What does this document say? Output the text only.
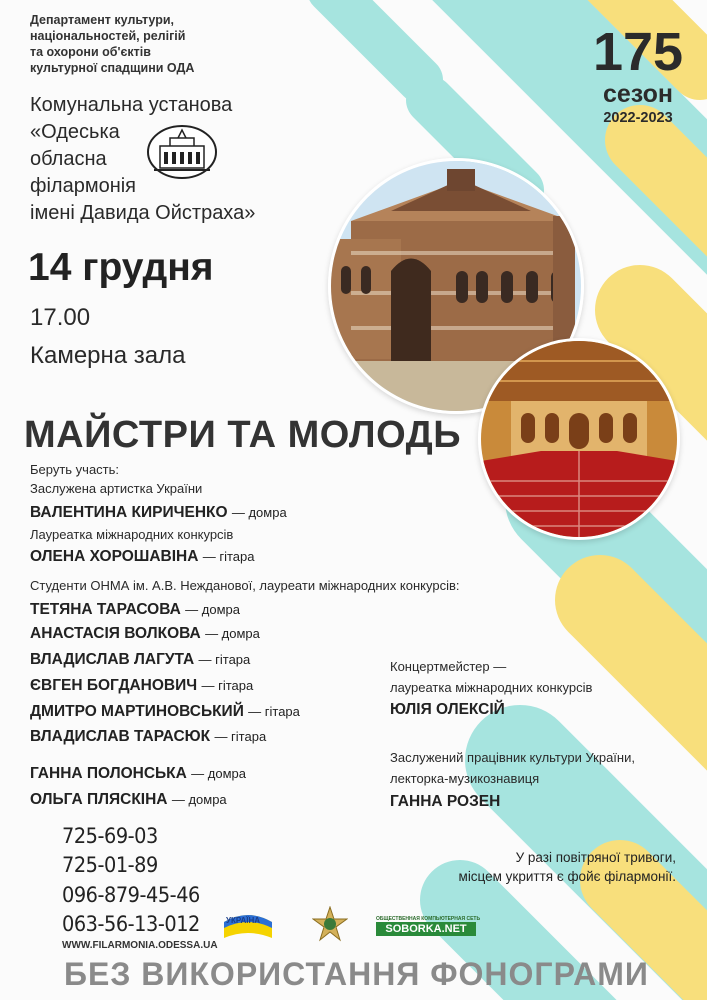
Департамент культури,
національностей, релігій
та охорони об'єктів
культурної спадщини ОДА
Комунальна установа
«Одеська
обласна
філармонія
імені Давида Ойстраха»
175
сезон
2022-2023
14 грудня
17.00
Камерна зала
МАЙСТРИ ТА МОЛОДЬ
Беруть участь:
Заслужена артистка України
ВАЛЕНТИНА КИРИЧЕНКО — домра
Лауреатка міжнародних конкурсів
ОЛЕНА ХОРОШАВІНА — гітара
Студенти ОНМА ім. А.В. Нежданової, лауреати міжнародних конкурсів:
ТЕТЯНА ТАРАСОВА — домра
АНАСТАСІЯ ВОЛКОВА — домра
ВЛАДИСЛАВ ЛАГУТА — гітара
ЄВГЕН БОГДАНОВИЧ — гітара
ДМИТРО МАРТИНОВСЬКИЙ — гітара
ВЛАДИСЛАВ ТАРАСЮК — гітара
ГАННА ПОЛОНСЬКА — домра
ОЛЬГА ПЛЯСКІНА — домра
Концертмейстер —
лауреатка міжнародних конкурсів
ЮЛІЯ ОЛЕКСІЙ
Заслужений працівник культури України,
лекторка-музикознавиця
ГАННА РОЗЕН
725-69-03
725-01-89
096-879-45-46
063-56-13-012
WWW.FILARMONIA.ODESSA.UA
УКРАЇНА	ОБЩЕСТВЕННАЯ КОМПЬЮТЕРНАЯ СЕТЬ
SOBORKA.NET
У разі повітряної тривоги,
місцем укриття є фойє філармонії.
БЕЗ ВИКОРИСТАННЯ ФОНОГРАМИ
